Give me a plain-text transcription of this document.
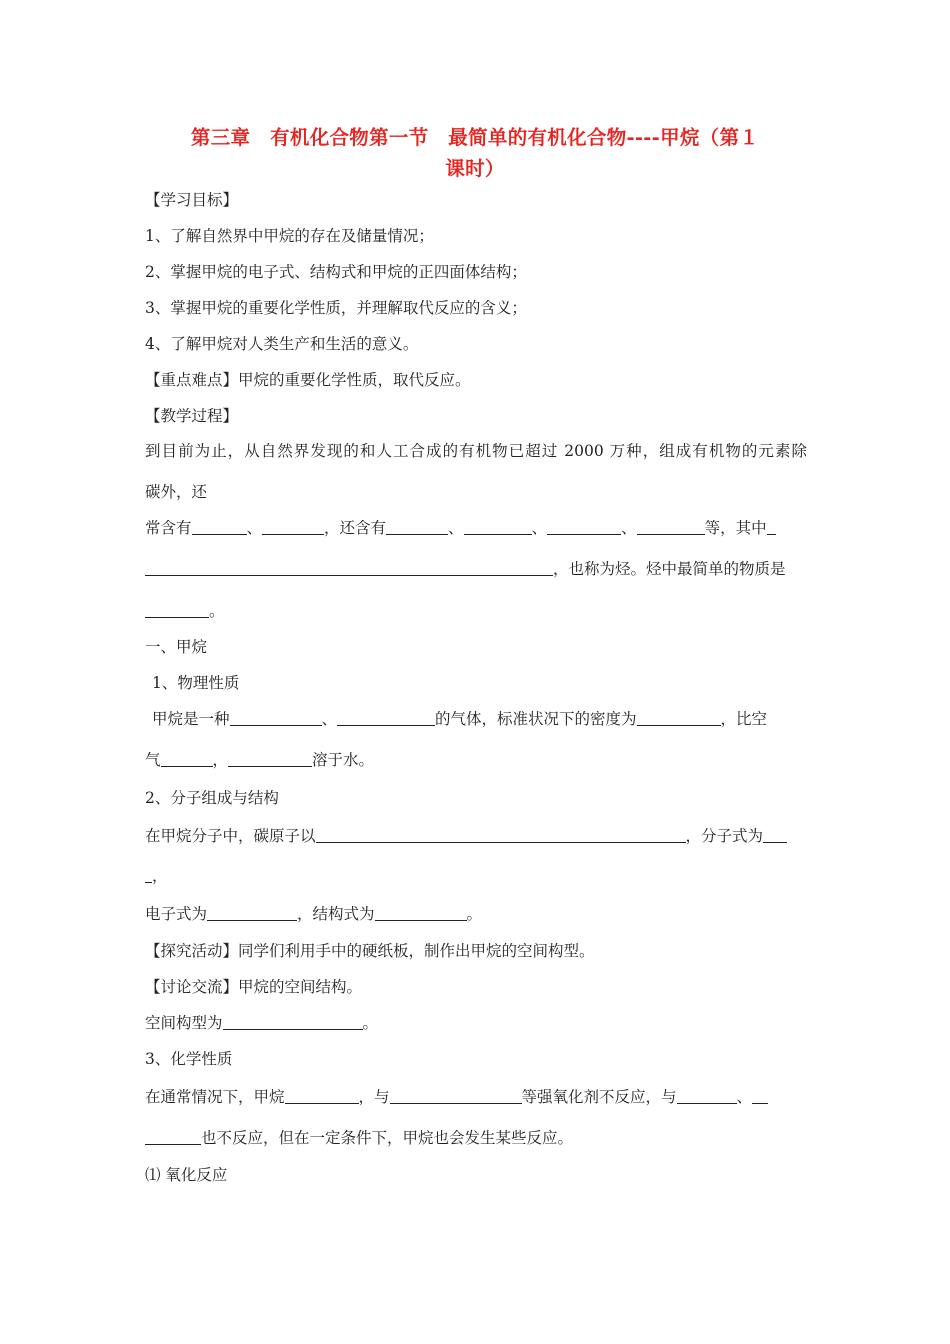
第三章　有机化合物第一节　最简单的有机化合物----甲烷（第１
课时）
【学习目标】
1、了解自然界中甲烷的存在及储量情况；
2、掌握甲烷的电子式、结构式和甲烷的正四面体结构；
3、掌握甲烷的重要化学性质，并理解取代反应的含义；
4、了解甲烷对人类生产和生活的意义。
【重点难点】甲烷的重要化学性质，取代反应。
【教学过程】
到目前为止，从自然界发现的和人工合成的有机物已超过 2000 万种，组成有机物的元素除
碳外，还
常含有	、	，还含有	、	、	、	等，其中
，也称为烃。烃中最简单的物质是
。
一、甲烷
1、物理性质
甲烷是一种	、	的气体，标准状况下的密度为	，比空
气	，	溶于水。
2、分子组成与结构
在甲烷分子中，碳原子以	，分子式为
，
电子式为	，结构式为	。
【探究活动】同学们利用手中的硬纸板，制作出甲烷的空间构型。
【讨论交流】甲烷的空间结构。
空间构型为	。
3、化学性质
在通常情况下，甲烷	，与	等强氧化剂不反应，与	、
也不反应，但在一定条件下，甲烷也会发生某些反应。
⑴ 氧化反应
